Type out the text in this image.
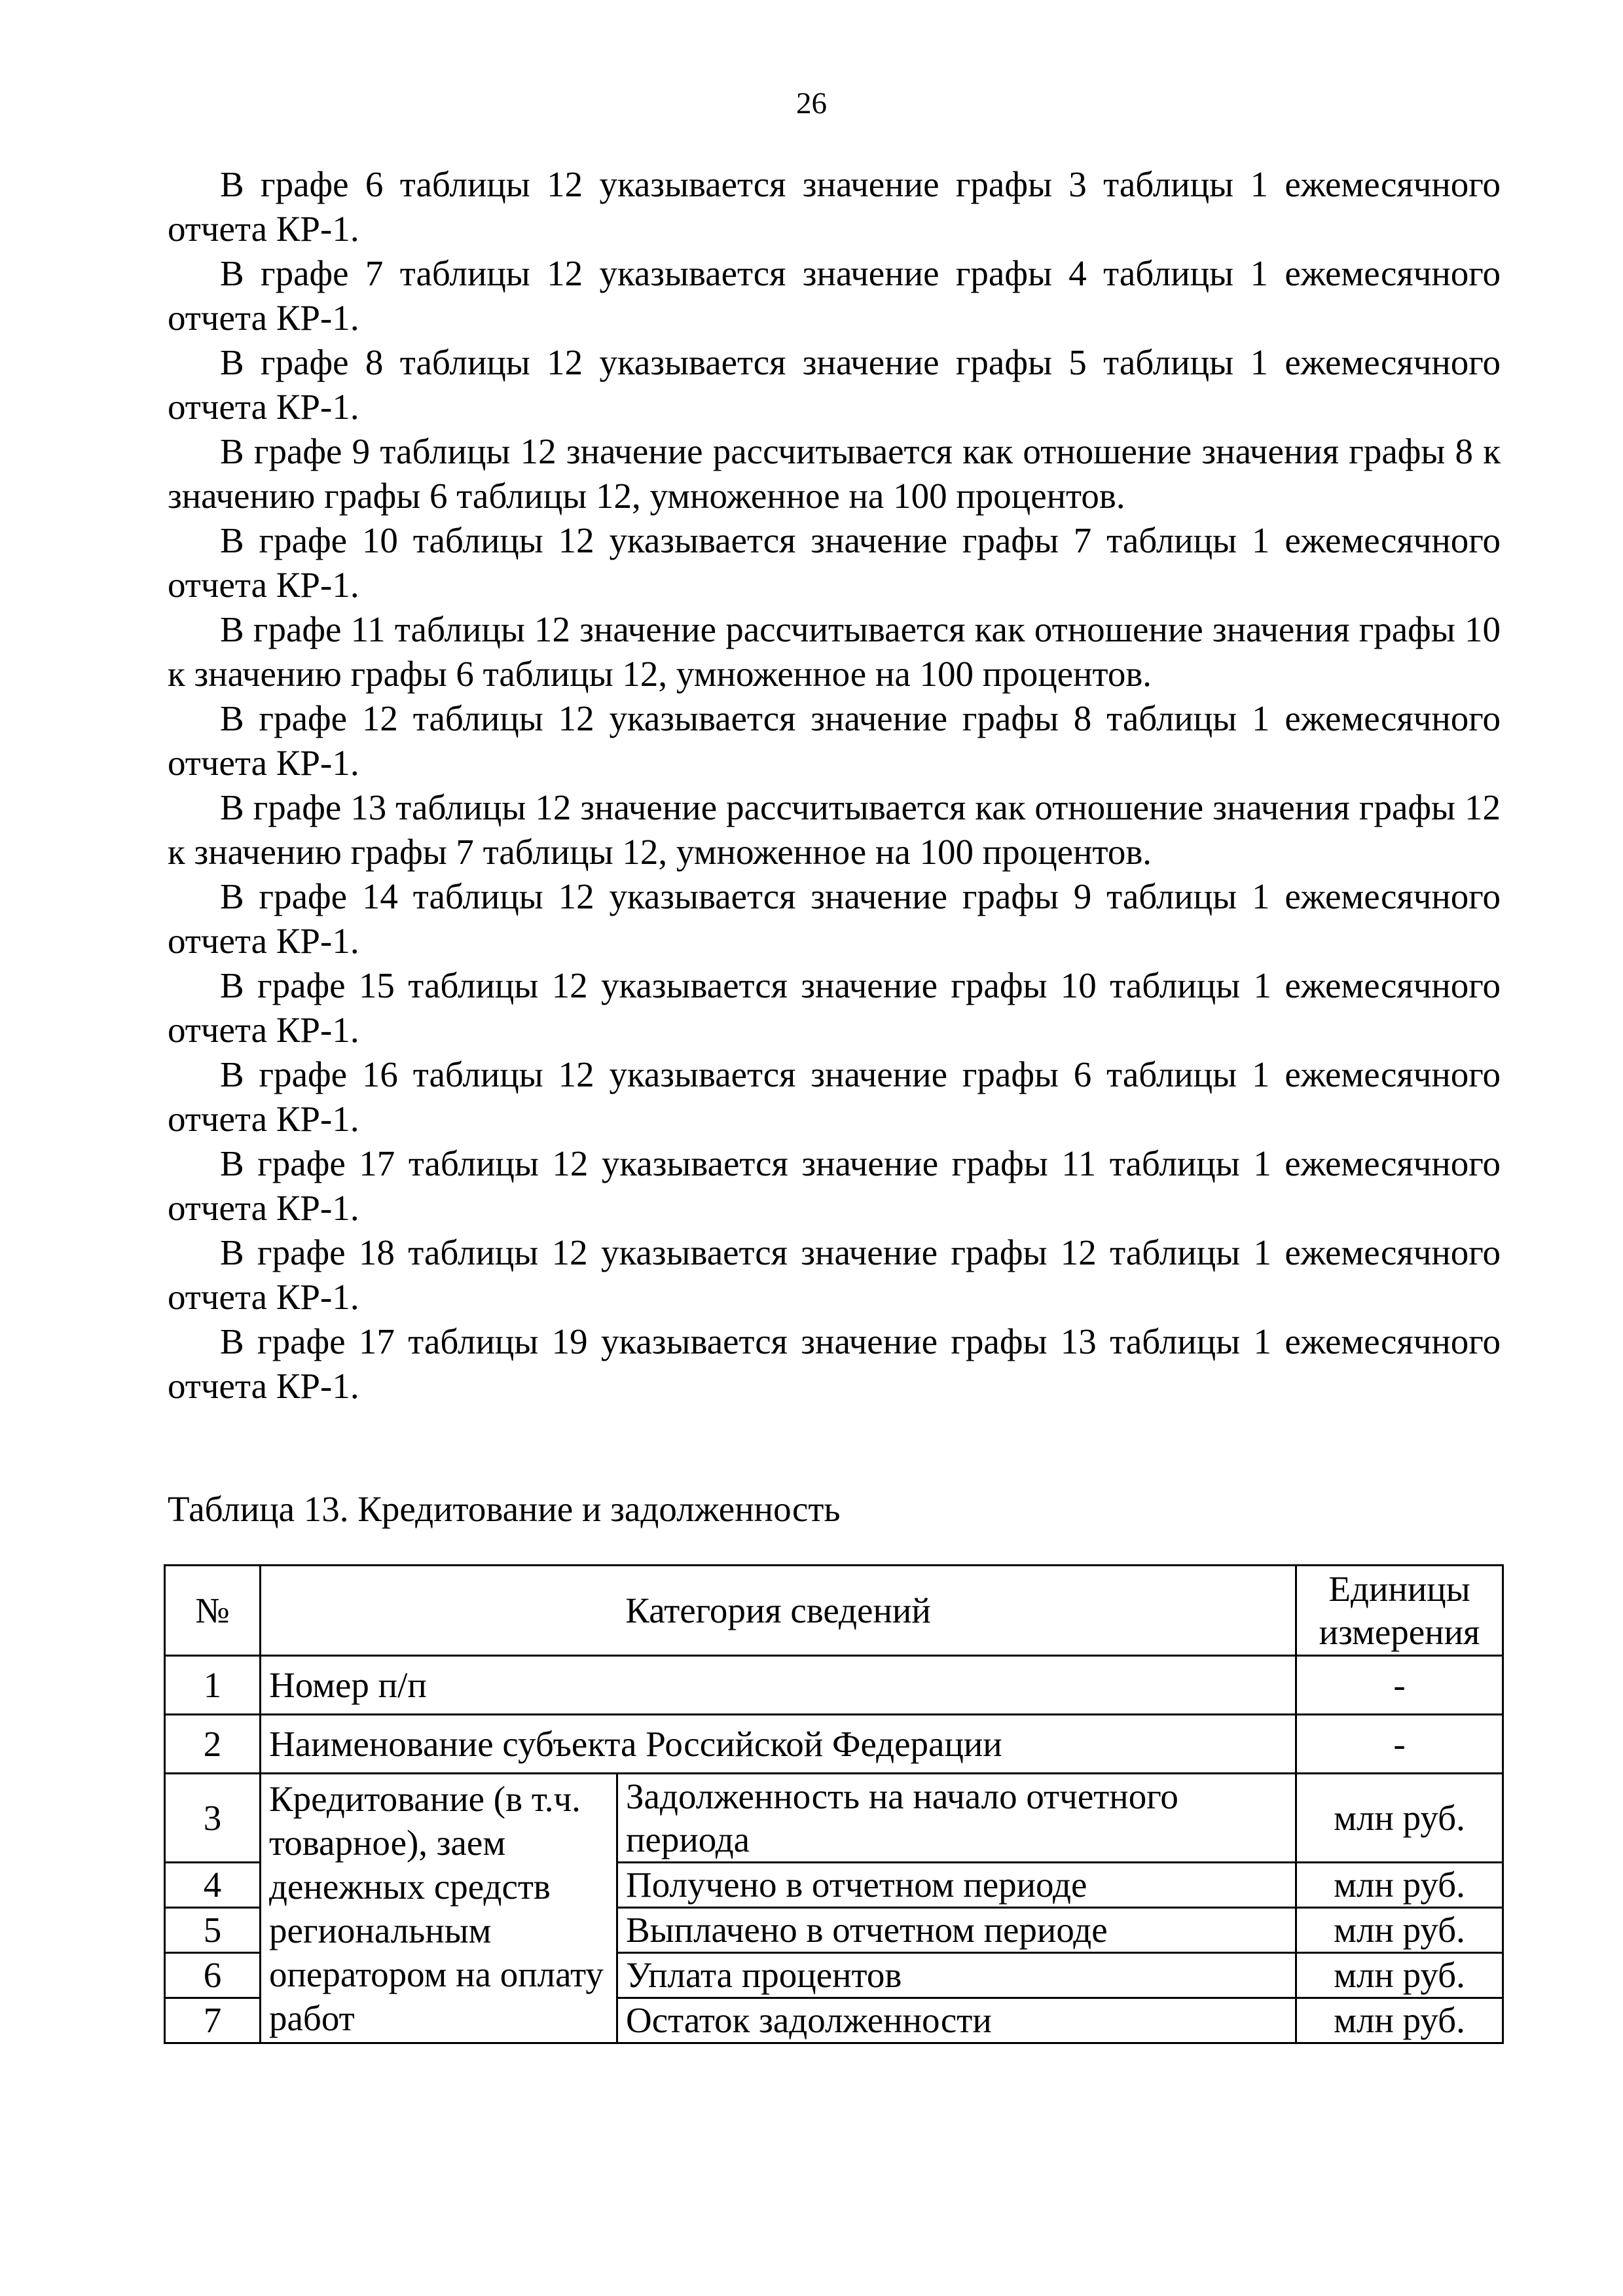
26

В графе 6 таблицы 12 указывается значение графы 3 таблицы 1 ежемесячного отчета КР-1.

В графе 7 таблицы 12 указывается значение графы 4 таблицы 1 ежемесячного отчета КР-1.

В графе 8 таблицы 12 указывается значение графы 5 таблицы 1 ежемесячного отчета КР-1.

В графе 9 таблицы 12 значение рассчитывается как отношение значения графы 8 к значению графы 6 таблицы 12, умноженное на 100 процентов.

В графе 10 таблицы 12 указывается значение графы 7 таблицы 1 ежемесячного отчета КР-1.

В графе 11 таблицы 12 значение рассчитывается как отношение значения графы 10 к значению графы 6 таблицы 12, умноженное на 100 процентов.

В графе 12 таблицы 12 указывается значение графы 8 таблицы 1 ежемесячного отчета КР-1.

В графе 13 таблицы 12 значение рассчитывается как отношение значения графы 12 к значению графы 7 таблицы 12, умноженное на 100 процентов.

В графе 14 таблицы 12 указывается значение графы 9 таблицы 1 ежемесячного отчета КР-1.

В графе 15 таблицы 12 указывается значение графы 10 таблицы 1 ежемесячного отчета КР-1.

В графе 16 таблицы 12 указывается значение графы 6 таблицы 1 ежемесячного отчета КР-1.

В графе 17 таблицы 12 указывается значение графы 11 таблицы 1 ежемесячного отчета КР-1.

В графе 18 таблицы 12 указывается значение графы 12 таблицы 1 ежемесячного отчета КР-1.

В графе 17 таблицы 19 указывается значение графы 13 таблицы 1 ежемесячного отчета КР-1.

Таблица 13. Кредитование и задолженность
№	Категория сведений		Единицы измерения
1	Номер п/п		-
2	Наименование субъекта Российской Федерации		-
3	Кредитование (в т.ч. товарное), заем денежных средств региональным оператором на оплату работ	Задолженность на начало отчетного периода	млн руб.
4		Получено в отчетном периоде	млн руб.
5		Выплачено в отчетном периоде	млн руб.
6		Уплата процентов	млн руб.
7		Остаток задолженности	млн руб.
